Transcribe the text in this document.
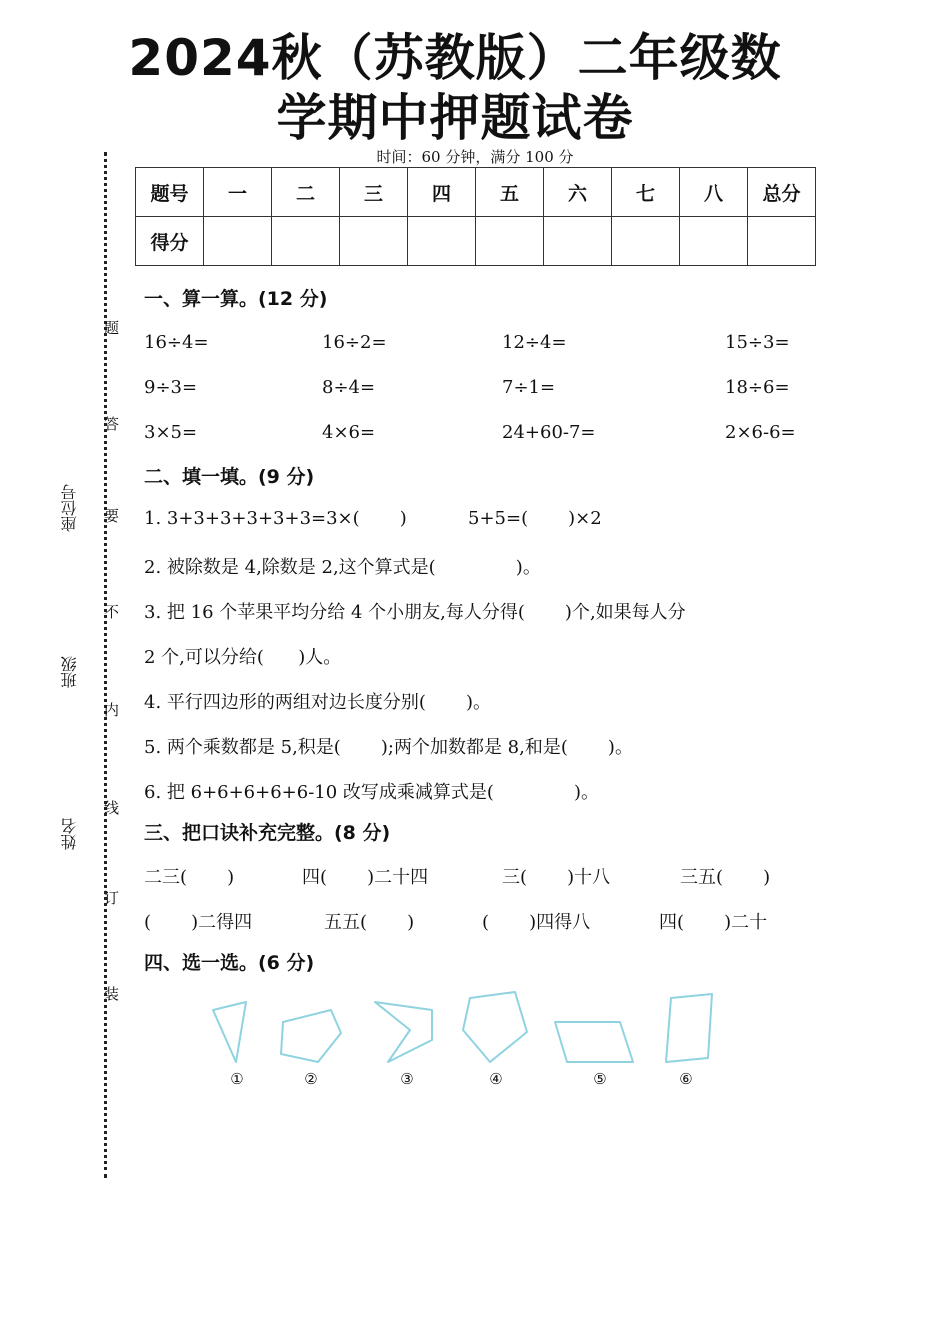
2024秋（苏教版）二年级数
学期中押题试卷
时间：60 分钟，满分 100 分
题
答
要
不
内
线
订
装
座位号
班级
姓名
题号	一	二	三	四	五	六	七	八	总分
得分									
一、算一算。(12 分)
16÷4=	16÷2=	12÷4=	15÷3=
9÷3=	8÷4=	7÷1=	18÷6=
3×5=	4×6=	24+60-7=	2×6-6=
二、填一填。(9 分)
1. 3+3+3+3+3+3=3×(       )	5+5=(       )×2
2. 被除数是 4,除数是 2,这个算式是(              )。
3. 把 16 个苹果平均分给 4 个小朋友,每人分得(       )个,如果每人分
2 个,可以分给(      )人。
4. 平行四边形的两组对边长度分别(       )。
5. 两个乘数都是 5,积是(       );两个加数都是 8,和是(       )。
6. 把 6+6+6+6+6-10 改写成乘减算式是(              )。
三、把口诀补充完整。(8 分)
二三(       )	四(       )二十四	三(       )十八	三五(       )
(       )二得四	五五(       )	(       )四得八	四(       )二十
四、选一选。(6 分)
①	②	③	④	⑤	⑥
